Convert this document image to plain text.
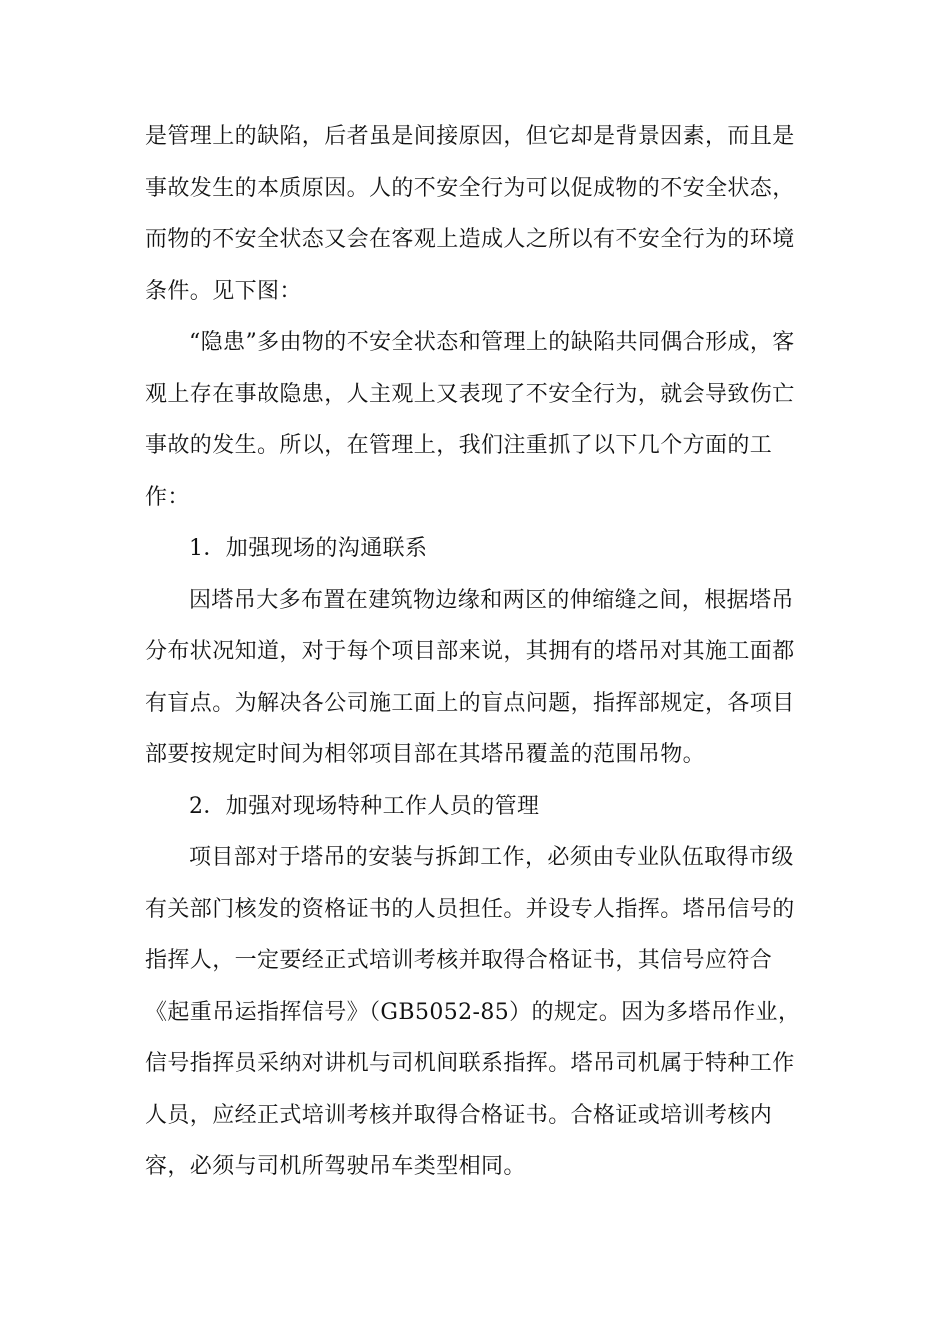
是管理上的缺陷，后者虽是间接原因，但它却是背景因素，而且是
事故发生的本质原因。人的不安全行为可以促成物的不安全状态，
而物的不安全状态又会在客观上造成人之所以有不安全行为的环境
条件。见下图：
“隐患”多由物的不安全状态和管理上的缺陷共同偶合形成，客
观上存在事故隐患，人主观上又表现了不安全行为，就会导致伤亡
事故的发生。所以，在管理上，我们注重抓了以下几个方面的工
作：
1．加强现场的沟通联系
因塔吊大多布置在建筑物边缘和两区的伸缩缝之间，根据塔吊
分布状况知道，对于每个项目部来说，其拥有的塔吊对其施工面都
有盲点。为解决各公司施工面上的盲点问题，指挥部规定，各项目
部要按规定时间为相邻项目部在其塔吊覆盖的范围吊物。
2．加强对现场特种工作人员的管理
项目部对于塔吊的安装与拆卸工作，必须由专业队伍取得市级
有关部门核发的资格证书的人员担任。并设专人指挥。塔吊信号的
指挥人，一定要经正式培训考核并取得合格证书，其信号应符合
《起重吊运指挥信号》（GB5052-85）的规定。因为多塔吊作业，
信号指挥员采纳对讲机与司机间联系指挥。塔吊司机属于特种工作
人员，应经正式培训考核并取得合格证书。合格证或培训考核内
容，必须与司机所驾驶吊车类型相同。
